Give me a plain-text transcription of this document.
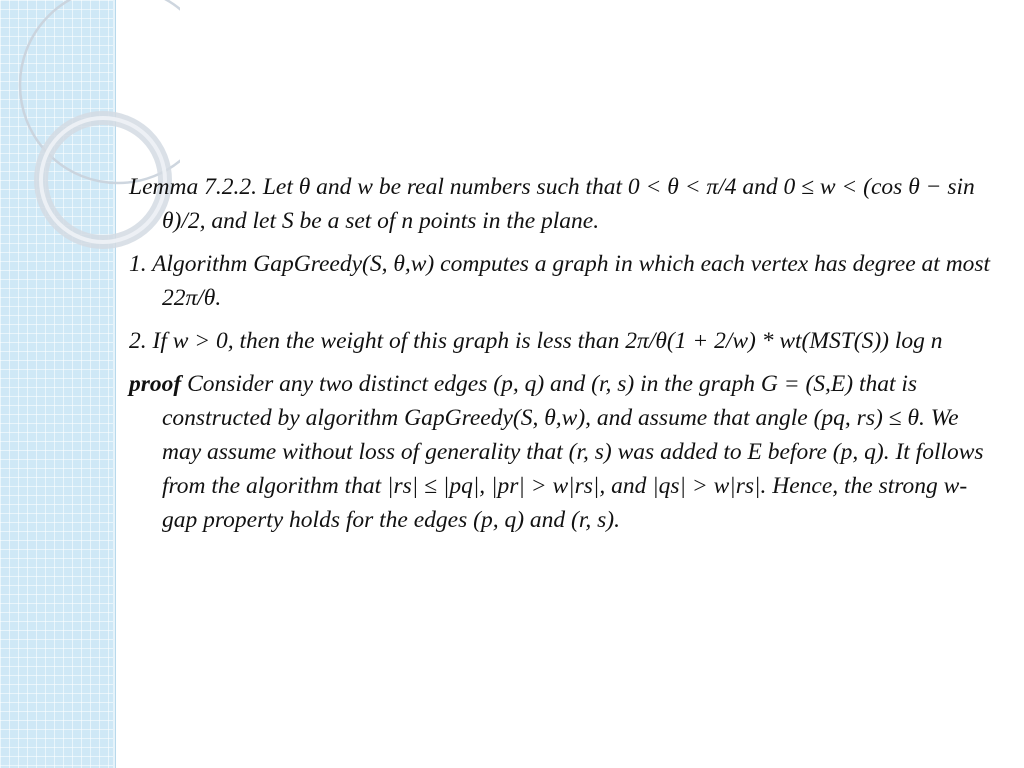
Lemma 7.2.2. Let θ and w be real numbers such that 0 < θ < π/4 and 0 ≤ w < (cos θ − sin θ)/2, and let S be a set of n points in the plane.

1. Algorithm GapGreedy(S, θ,w) computes a graph in which each vertex has degree at most 22π/θ.

2. If w > 0, then the weight of this graph is less than 2π/θ(1 + 2/w) * wt(MST(S)) log n

proof Consider any two distinct edges (p, q) and (r, s) in the graph G = (S,E) that is constructed by algorithm GapGreedy(S, θ,w), and assume that angle (pq, rs) ≤ θ. We may assume without loss of generality that (r, s) was added to E before (p, q). It follows from the algorithm that |rs| ≤ |pq|, |pr| > w|rs|, and |qs| > w|rs|. Hence, the strong w-gap property holds for the edges (p, q) and (r, s).
